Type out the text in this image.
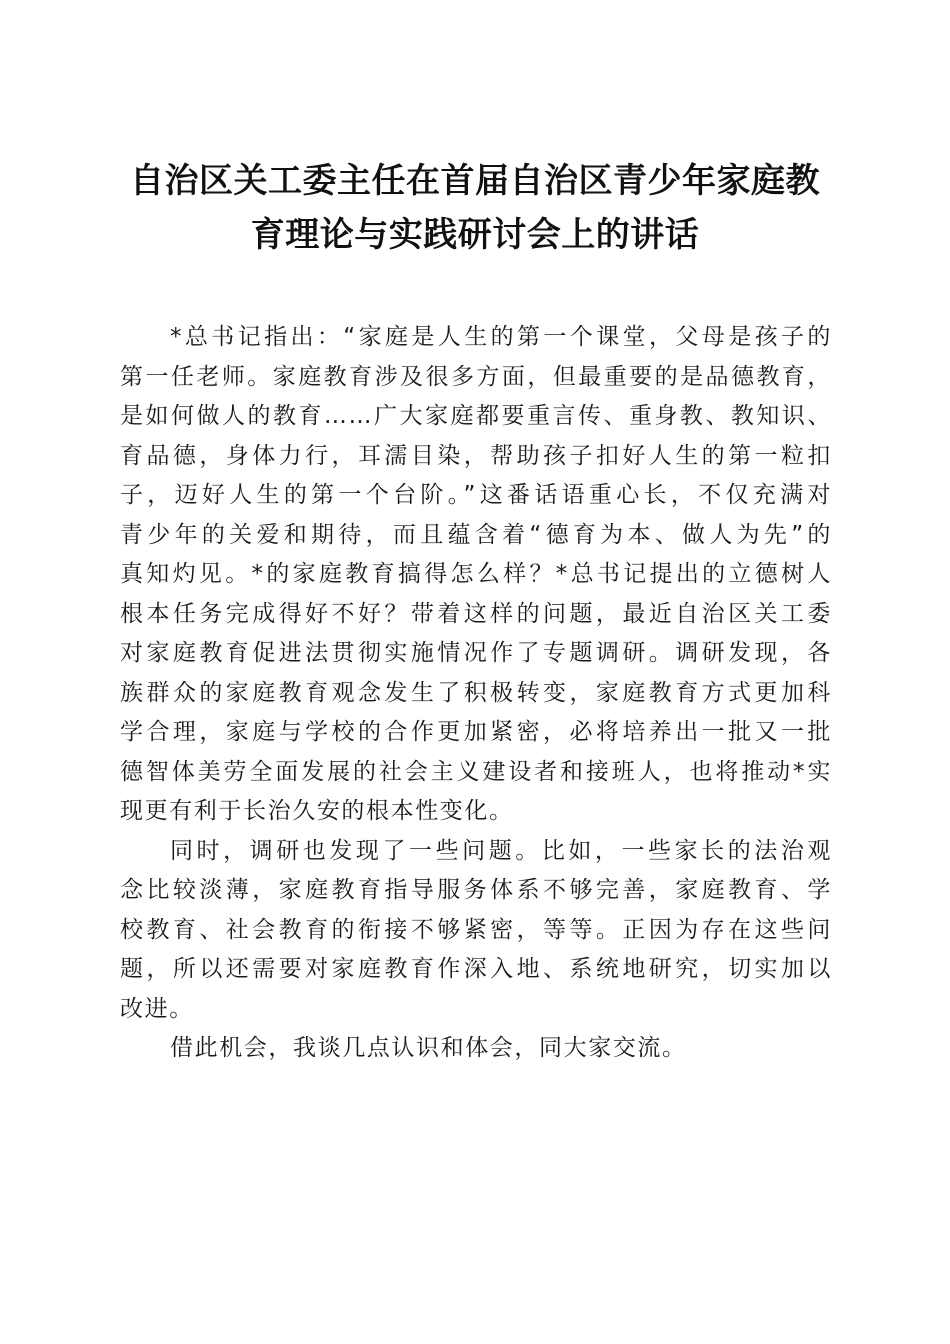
自治区关工委主任在首届自治区青少年家庭教
育理论与实践研讨会上的讲话
*总书记指出：“家庭是人生的第一个课堂，父母是孩子的
第一任老师。家庭教育涉及很多方面，但最重要的是品德教育，
是如何做人的教育……广大家庭都要重言传、重身教、教知识、
育品德，身体力行，耳濡目染，帮助孩子扣好人生的第一粒扣
子，迈好人生的第一个台阶。”这番话语重心长，不仅充满对
青少年的关爱和期待，而且蕴含着“德育为本、做人为先”的
真知灼见。*的家庭教育搞得怎么样？*总书记提出的立德树人
根本任务完成得好不好？带着这样的问题，最近自治区关工委
对家庭教育促进法贯彻实施情况作了专题调研。调研发现，各
族群众的家庭教育观念发生了积极转变，家庭教育方式更加科
学合理，家庭与学校的合作更加紧密，必将培养出一批又一批
德智体美劳全面发展的社会主义建设者和接班人，也将推动*实
现更有利于长治久安的根本性变化。
同时，调研也发现了一些问题。比如，一些家长的法治观
念比较淡薄，家庭教育指导服务体系不够完善，家庭教育、学
校教育、社会教育的衔接不够紧密，等等。正因为存在这些问
题，所以还需要对家庭教育作深入地、系统地研究，切实加以
改进。
借此机会，我谈几点认识和体会，同大家交流。
